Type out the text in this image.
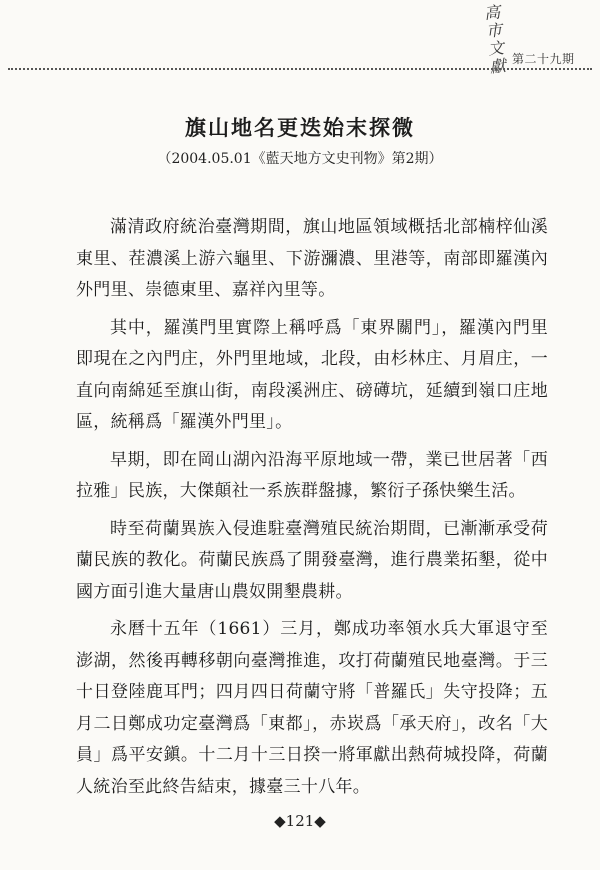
高
市
文
獻 第二十九期
旗山地名更迭始末探微
（2004.05.01《藍天地方文史刊物》第2期）

滿清政府統治臺灣期間，旗山地區領域概括北部楠梓仙溪東里、茬濃溪上游六龜里、下游瀰濃、里港等，南部即羅漢內外門里、崇德東里、嘉祥內里等。

其中，羅漢門里實際上稱呼爲「東界關門」，羅漢內門里即現在之內門庄，外門里地域，北段，由杉林庄、月眉庄，一直向南綿延至旗山街，南段溪洲庄、磅礡坑，延續到嶺口庄地區，統稱爲「羅漢外門里」。

早期，即在岡山湖內沿海平原地域一帶，業已世居著「西拉雅」民族，大傑顛社一系族群盤據，繁衍子孫快樂生活。

時至荷蘭異族入侵進駐臺灣殖民統治期間，已漸漸承受荷蘭民族的教化。荷蘭民族爲了開發臺灣，進行農業拓墾，從中國方面引進大量唐山農奴開墾農耕。

永曆十五年（1661）三月，鄭成功率領水兵大軍退守至澎湖，然後再轉移朝向臺灣推進，攻打荷蘭殖民地臺灣。于三十日登陸鹿耳門；四月四日荷蘭守將「普羅氏」失守投降；五月二日鄭成功定臺灣爲「東都」，赤崁爲「承天府」，改名「大員」爲平安鎭。十二月十三日揆一將軍獻出熱荷城投降，荷蘭人統治至此終告結束，據臺三十八年。

◆121◆
